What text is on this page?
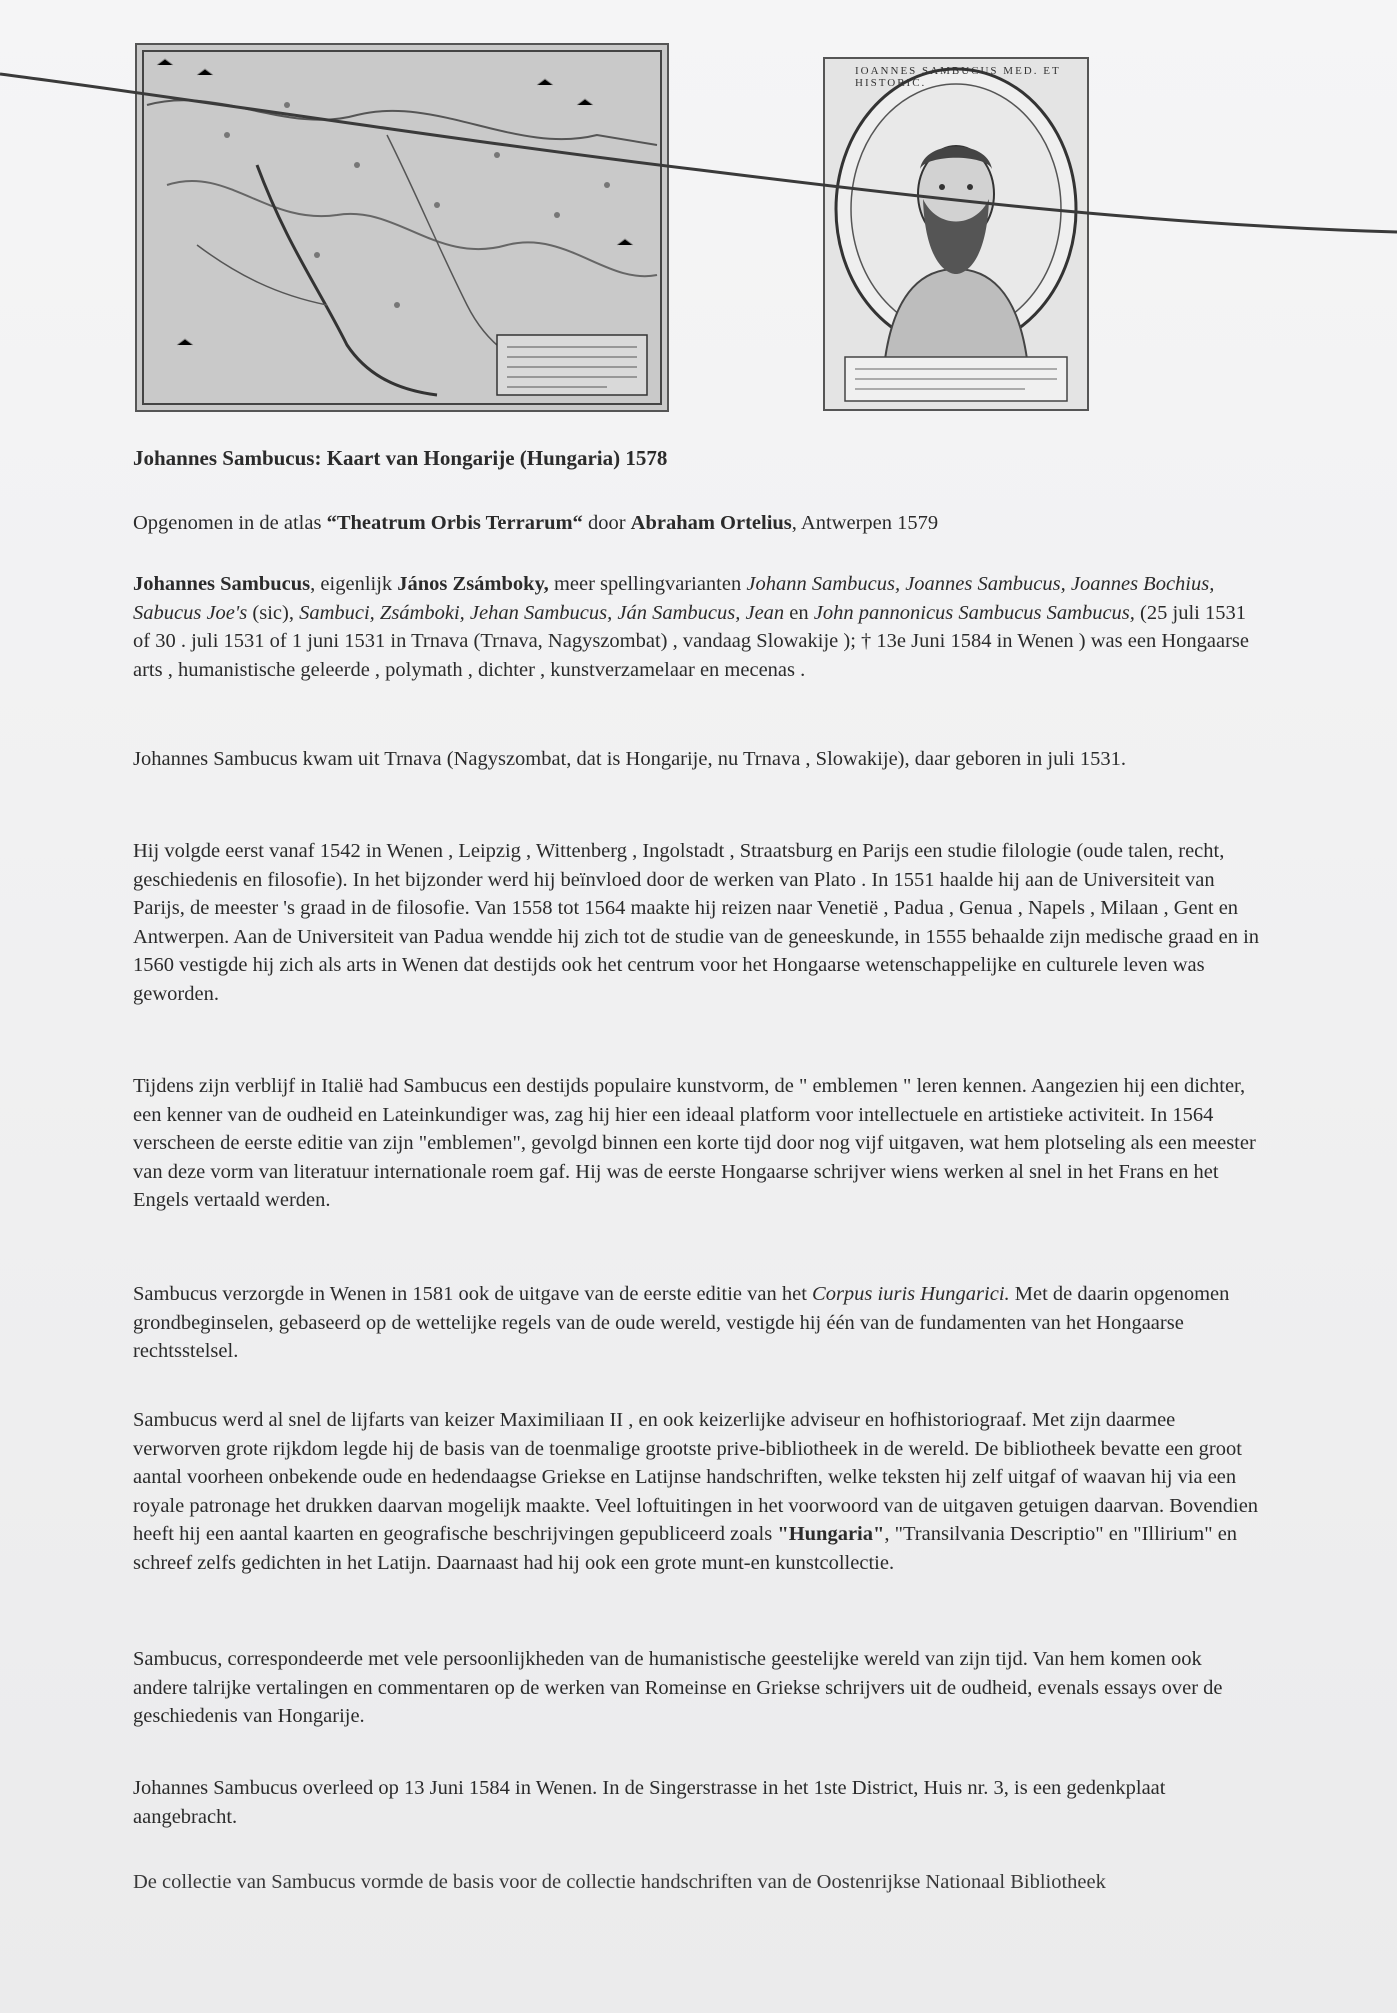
IOANNES SAMBUCUS MED. ET HISTORIC.
Johannes Sambucus: Kaart van Hongarije (Hungaria) 1578
Opgenomen in de atlas “Theatrum Orbis Terrarum“ door Abraham Ortelius, Antwerpen 1579
Johannes Sambucus, eigenlijk János Zsámboky, meer spellingvarianten Johann Sambucus, Joannes Sambucus, Joannes Bochius, Sabucus Joe's (sic), Sambuci, Zsámboki, Jehan Sambucus, Ján Sambucus, Jean en John pannonicus Sambucus Sambucus, (25 juli 1531 of 30 . juli 1531 of 1 juni 1531 in Trnava (Trnava, Nagyszombat) , vandaag Slowakije ); † 13e Juni 1584 in Wenen ) was een Hongaarse arts , humanistische geleerde , polymath , dichter , kunstverzamelaar en mecenas .
Johannes Sambucus kwam uit Trnava (Nagyszombat, dat is Hongarije, nu Trnava , Slowakije), daar geboren in juli 1531.
Hij volgde eerst vanaf 1542 in Wenen , Leipzig , Wittenberg , Ingolstadt , Straatsburg en Parijs een studie filologie (oude talen, recht, geschiedenis en filosofie). In het bijzonder werd hij beïnvloed door de werken van Plato . In 1551 haalde hij aan de Universiteit van Parijs, de meester 's graad in de filosofie. Van 1558 tot 1564 maakte hij reizen naar Venetië , Padua , Genua , Napels , Milaan , Gent en Antwerpen. Aan de Universiteit van Padua wendde hij zich tot de studie van de geneeskunde, in 1555 behaalde zijn medische graad en in 1560 vestigde hij zich als arts in Wenen dat destijds ook het centrum voor het Hongaarse wetenschappelijke en culturele leven was geworden.
Tijdens zijn verblijf in Italië had Sambucus een destijds populaire kunstvorm, de " emblemen " leren kennen. Aangezien hij een dichter, een kenner van de oudheid en Lateinkundiger was, zag hij hier een ideaal platform voor intellectuele en artistieke activiteit. In 1564 verscheen de eerste editie van zijn "emblemen", gevolgd binnen een korte tijd door nog vijf uitgaven, wat hem plotseling als een meester van deze vorm van literatuur internationale roem gaf. Hij was de eerste Hongaarse schrijver wiens werken al snel in het Frans en het Engels vertaald werden.
Sambucus verzorgde in Wenen in 1581 ook de uitgave van de eerste editie van het Corpus iuris Hungarici. Met de daarin opgenomen grondbeginselen, gebaseerd op de wettelijke regels van de oude wereld, vestigde hij één van de fundamenten van het Hongaarse rechtsstelsel.
Sambucus werd al snel de lijfarts van keizer Maximiliaan II , en ook keizerlijke adviseur en hofhistoriograaf. Met zijn daarmee verworven grote rijkdom legde hij de basis van de toenmalige grootste prive-bibliotheek in de wereld. De bibliotheek bevatte een groot aantal voorheen onbekende oude en hedendaagse Griekse en Latijnse handschriften, welke teksten hij zelf uitgaf of waavan hij via een royale patronage het drukken daarvan mogelijk maakte. Veel loftuitingen in het voorwoord van de uitgaven getuigen daarvan. Bovendien heeft hij een aantal kaarten en geografische beschrijvingen gepubliceerd zoals "Hungaria", "Transilvania Descriptio" en "Illirium" en schreef zelfs gedichten in het Latijn. Daarnaast had hij ook een grote munt-en kunstcollectie.
Sambucus, correspondeerde met vele persoonlijkheden van de humanistische geestelijke wereld van zijn tijd. Van hem komen ook andere talrijke vertalingen en commentaren op de werken van Romeinse en Griekse schrijvers uit de oudheid, evenals essays over de geschiedenis van Hongarije.
Johannes Sambucus overleed op 13 Juni 1584 in Wenen. In de Singerstrasse in het 1ste District, Huis nr. 3, is een gedenkplaat aangebracht.
De collectie van Sambucus vormde de basis voor de collectie handschriften van de Oostenrijkse Nationaal Bibliotheek
